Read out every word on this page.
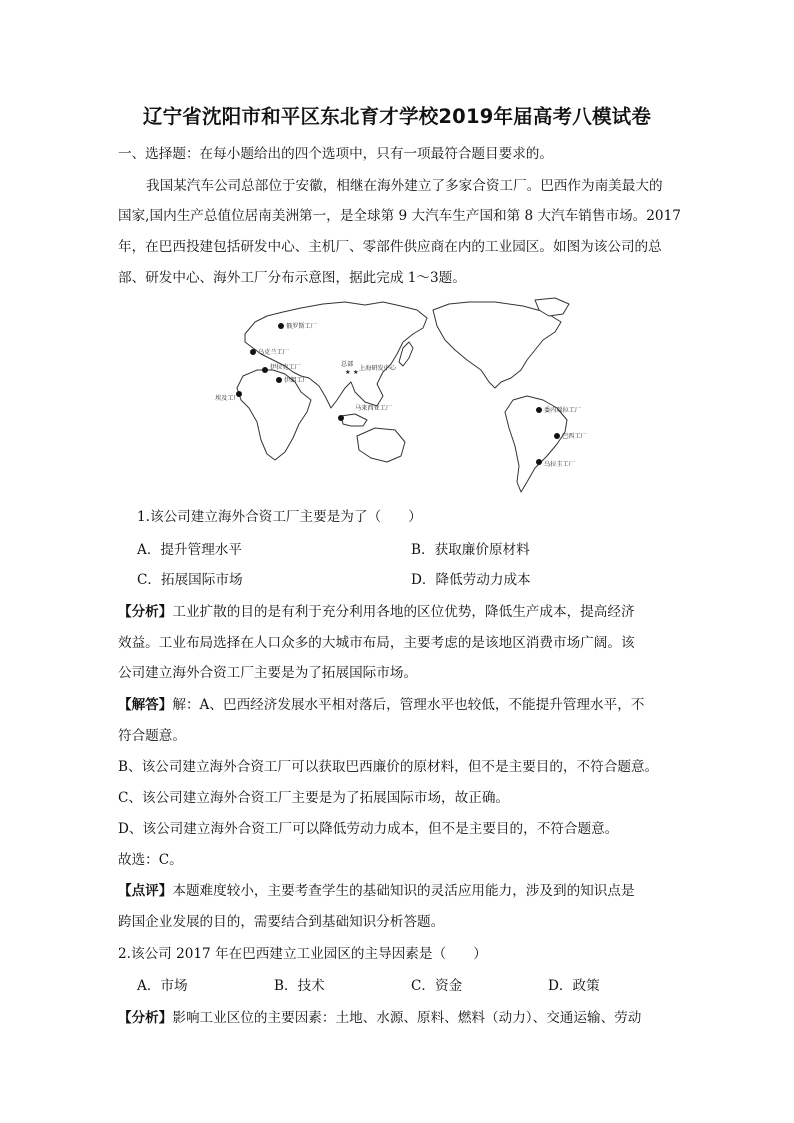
辽宁省沈阳市和平区东北育才学校2019年届高考八模试卷
一、选择题：在每小题给出的四个选项中，只有一项最符合题目要求的。
我国某汽车公司总部位于安徽，相继在海外建立了多家合资工厂。巴西作为南美最大的
国家,国内生产总值位居南美洲第一，是全球第 9 大汽车生产国和第 8 大汽车销售市场。2017
年，在巴西投建包括研发中心、主机厂、零部件供应商在内的工业园区。如图为该公司的总
部、研发中心、海外工厂分布示意图，据此完成 1～3题。
俄罗斯工厂
乌克兰工厂
伊朗工厂
伊拉克工厂
埃及工厂
★ ★
总部
上海研发中心
马来西亚工厂	委内瑞拉工厂
巴西工厂
乌拉圭工厂
1.该公司建立海外合资工厂主要是为了（　　）
A．提升管理水平	B．获取廉价原材料
C．拓展国际市场	D．降低劳动力成本
【分析】工业扩散的目的是有利于充分利用各地的区位优势，降低生产成本，提高经济
效益。工业布局选择在人口众多的大城市布局，主要考虑的是该地区消费市场广阔。该
公司建立海外合资工厂主要是为了拓展国际市场。
【解答】解：A、巴西经济发展水平相对落后，管理水平也较低，不能提升管理水平，不
符合题意。
B、该公司建立海外合资工厂可以获取巴西廉价的原材料，但不是主要目的，不符合题意。
C、该公司建立海外合资工厂主要是为了拓展国际市场，故正确。
D、该公司建立海外合资工厂可以降低劳动力成本，但不是主要目的，不符合题意。
故选：C。
【点评】本题难度较小，主要考查学生的基础知识的灵活应用能力，涉及到的知识点是
跨国企业发展的目的，需要结合到基础知识分析答题。
2.该公司 2017 年在巴西建立工业园区的主导因素是（　　）
A．市场	B．技术	C．资金	D．政策
【分析】影响工业区位的主要因素：土地、水源、原料、燃料（动力）、交通运输、劳动
